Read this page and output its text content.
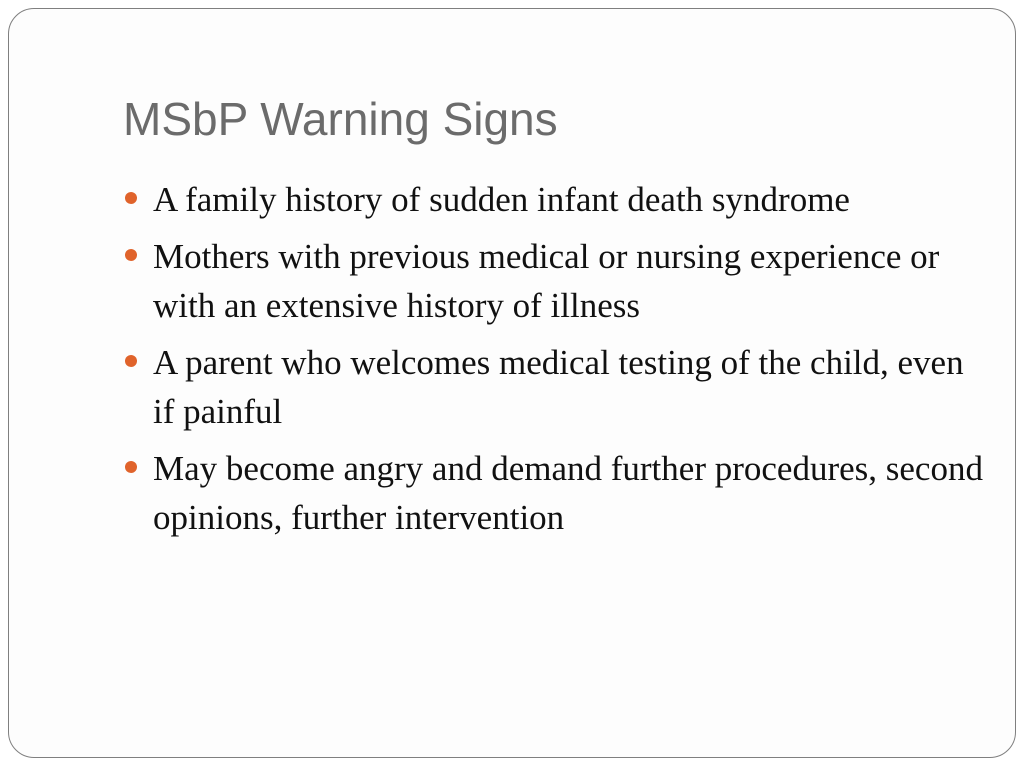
MSbP Warning Signs
A family history of sudden infant death syndrome
Mothers with previous medical or nursing experience or with an extensive history of illness
A parent who welcomes medical testing of the child, even if painful
May become angry and demand further procedures, second opinions, further intervention
